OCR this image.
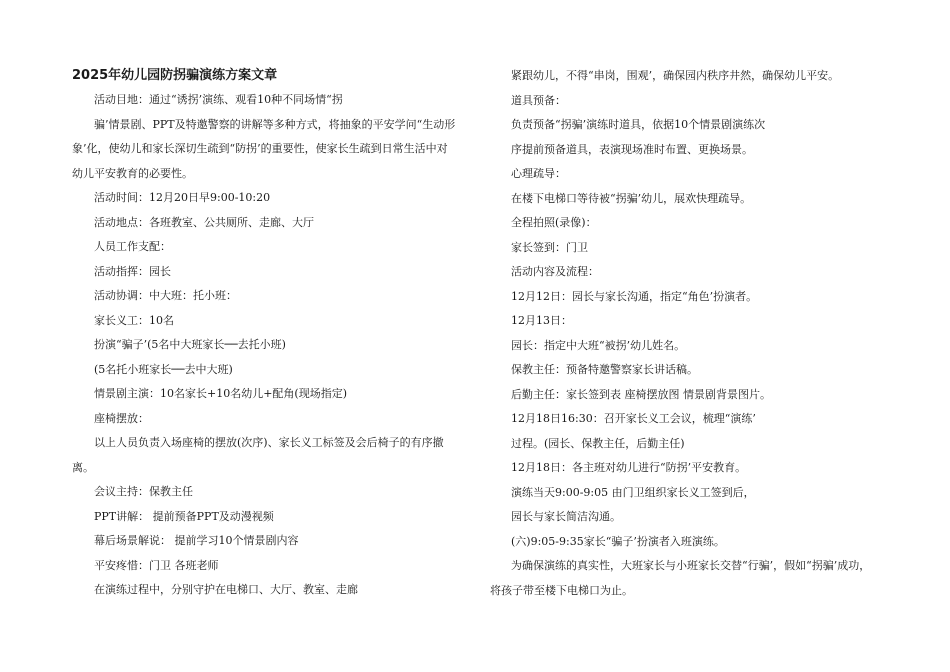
2025年幼儿园防拐骗演练方案文章

活动目地：通过“诱拐’演练、观看10种不同场情“拐

骗’情景剧、PPT及特邀警察的讲解等多种方式，将抽象的平安学问“生动形

象’化，使幼儿和家长深切生疏到“防拐’的重要性，使家长生疏到日常生活中对

幼儿平安教育的必要性。

活动时间：12月20日早9:00-10:20

活动地点：各班教室、公共厕所、走廊、大厅

人员工作支配：

活动指挥：园长

活动协调：中大班：托小班：

家长义工：10名

扮演“骗子’(5名中大班家长──去托小班)

(5名托小班家长──去中大班)

情景剧主演：10名家长+10名幼儿+配角(现场指定)

座椅摆放：

以上人员负责入场座椅的摆放(次序)、家长义工标签及会后椅子的有序撤

离。

会议主持：保教主任

PPT讲解： 提前预备PPT及动漫视频

幕后场景解说： 提前学习10个情景剧内容

平安疼惜：门卫 各班老师

在演练过程中，分别守护在电梯口、大厅、教室、走廊

紧跟幼儿，不得“串岗，围观’，确保园内秩序井然，确保幼儿平安。

道具预备：

负责预备“拐骗’演练时道具，依据10个情景剧演练次

序提前预备道具，表演现场准时布置、更换场景。

心理疏导：

在楼下电梯口等待被“拐骗’幼儿，展欢快理疏导。

全程拍照(录像)：

家长签到：门卫

活动内容及流程：

12月12日：园长与家长沟通，指定“角色’扮演者。

12月13日：

园长：指定中大班“被拐’幼儿姓名。

保教主任：预备特邀警察家长讲话稿。

后勤主任：家长签到表 座椅摆放图 情景剧背景图片。

12月18日16:30：召开家长义工会议，梳理“演练’

过程。(园长、保教主任，后勤主任)

12月18日：各主班对幼儿进行“防拐’平安教育。

演练当天9:00-9:05 由门卫组织家长义工签到后，

园长与家长简洁沟通。

(六)9:05-9:35家长“骗子’扮演者入班演练。

为确保演练的真实性，大班家长与小班家长交替“行骗’，假如“拐骗’成功，

将孩子带至楼下电梯口为止。
